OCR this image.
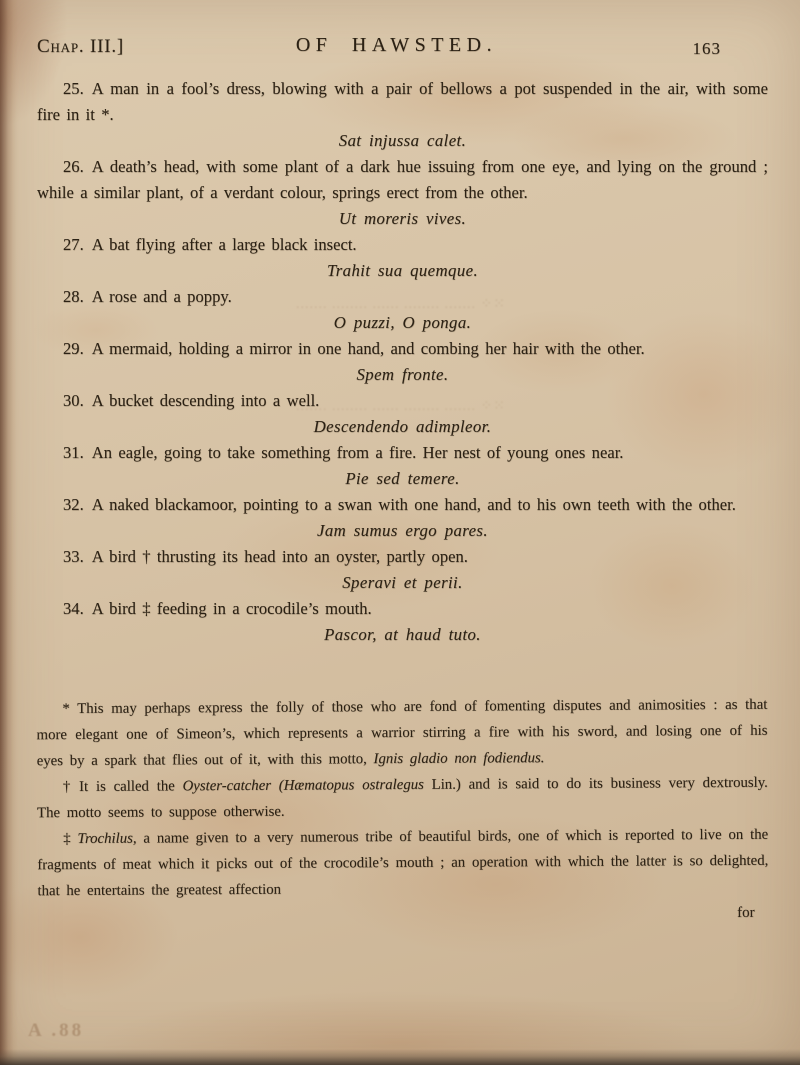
⁙⁘ ....... ........ ...... ........ .......
⁙⁘ ....... ........ ...... ........ .......
Chap. III.]	OF HAWSTED.	163

25. A man in a fool’s dress, blowing with a pair of bellows a pot suspended in the air, with some fire in it *.

Sat injussa calet.

26. A death’s head, with some plant of a dark hue issuing from one eye, and lying on the ground ; while a similar plant, of a verdant colour, springs erect from the other.

Ut moreris vives.

27. A bat flying after a large black insect.

Trahit sua quemque.

28. A rose and a poppy.

O puzzi, O ponga.

29. A mermaid, holding a mirror in one hand, and combing her hair with the other.

Spem fronte.

30. A bucket descending into a well.

Descendendo adimpleor.

31. An eagle, going to take something from a fire. Her nest of young ones near.

Pie sed temere.

32. A naked blackamoor, pointing to a swan with one hand, and to his own teeth with the other.

Jam sumus ergo pares.

33. A bird † thrusting its head into an oyster, partly open.

Speravi et perii.

34. A bird ‡ feeding in a crocodile’s mouth.

Pascor, at haud tuto.

* This may perhaps express the folly of those who are fond of fomenting disputes and animosities : as that more elegant one of Simeon’s, which represents a warrior stirring a fire with his sword, and losing one of his eyes by a spark that flies out of it, with this motto, Ignis gladio non fodiendus.

† It is called the Oyster-catcher (Hæmatopus ostralegus Lin.) and is said to do its business very dextrously. The motto seems to suppose otherwise.

‡ Trochilus, a name given to a very numerous tribe of beautiful birds, one of which is reported to live on the fragments of meat which it picks out of the crocodile’s mouth ; an operation with which the latter is so delighted, that he entertains the greatest affection

for

A .88
